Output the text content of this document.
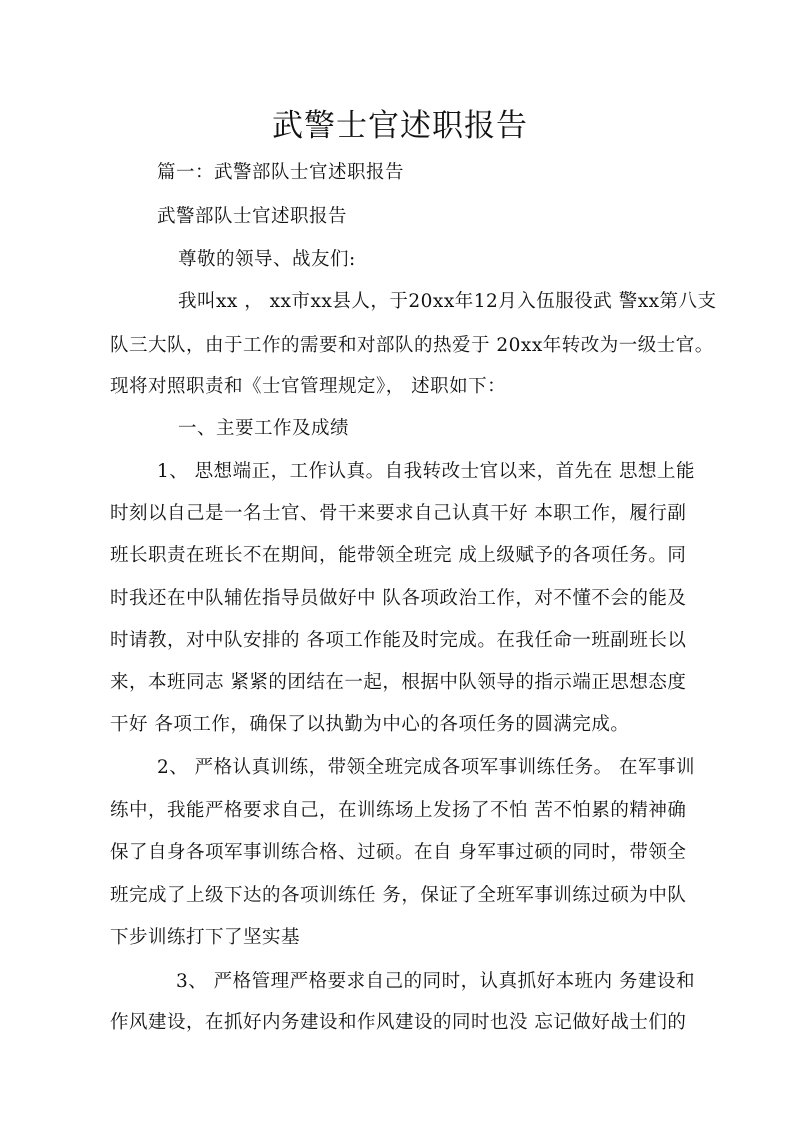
武警士官述职报告
篇一：武警部队士官述职报告
武警部队士官述职报告
尊敬的领导、战友们:
我叫xx ， xx市xx县人，于20xx年12月入伍服役武 警xx第八支
队三大队，由于工作的需要和对部队的热爱于 20xx年转改为一级士官。
现将对照职责和《士官管理规定》， 述职如下：
一、主要工作及成绩
1、 思想端正，工作认真。自我转改士官以来，首先在 思想上能
时刻以自己是一名士官、骨干来要求自己认真干好 本职工作，履行副
班长职责在班长不在期间，能带领全班完 成上级赋予的各项任务。同
时我还在中队辅佐指导员做好中 队各项政治工作，对不懂不会的能及
时请教，对中队安排的 各项工作能及时完成。在我任命一班副班长以
来，本班同志 紧紧的团结在一起，根据中队领导的指示端正思想态度
干好 各项工作，确保了以执勤为中心的各项任务的圆满完成。
2、 严格认真训练，带领全班完成各项军事训练任务。 在军事训
练中，我能严格要求自己，在训练场上发扬了不怕 苦不怕累的精神确
保了自身各项军事训练合格、过硕。在自 身军事过硕的同时，带领全
班完成了上级下达的各项训练任 务，保证了全班军事训练过硕为中队
下步训练打下了坚实基
3、 严格管理严格要求自己的同时，认真抓好本班内 务建设和
作风建设，在抓好内务建设和作风建设的同时也没 忘记做好战士们的
